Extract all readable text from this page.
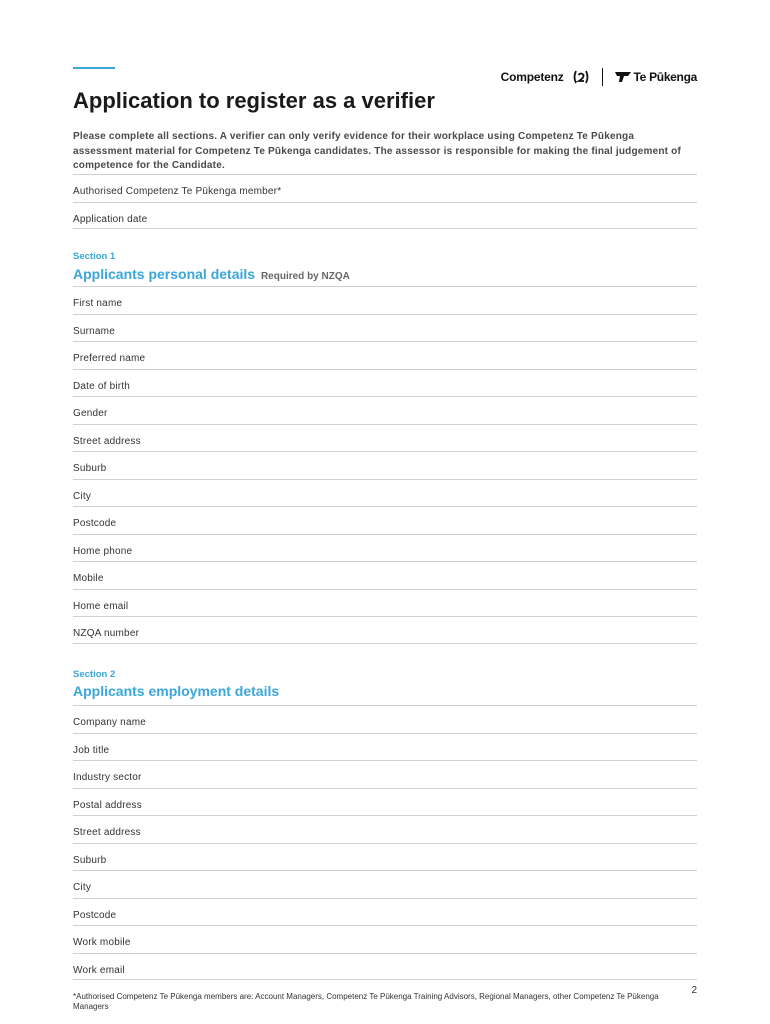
Competenz	Te Pūkenga
Application to register as a verifier

Please complete all sections. A verifier can only verify evidence for their workplace using Competenz Te Pūkenga assessment material for Competenz Te Pūkenga candidates. The assessor is responsible for making the final judgement of competence for the Candidate.

Authorised Competenz Te Pūkenga member*
Application date
Section 1
Applicants personal details Required by NZQA
First name
Surname
Preferred name
Date of birth
Gender
Street address
Suburb
City
Postcode
Home phone
Mobile
Home email
NZQA number
Section 2
Applicants employment details
Company name
Job title
Industry sector
Postal address
Street address
Suburb
City
Postcode
Work mobile
Work email

*Authorised Competenz Te Pūkenga members are: Account Managers, Competenz Te Pūkenga Training Advisors, Regional Managers, other Competenz Te Pūkenga Managers

2
